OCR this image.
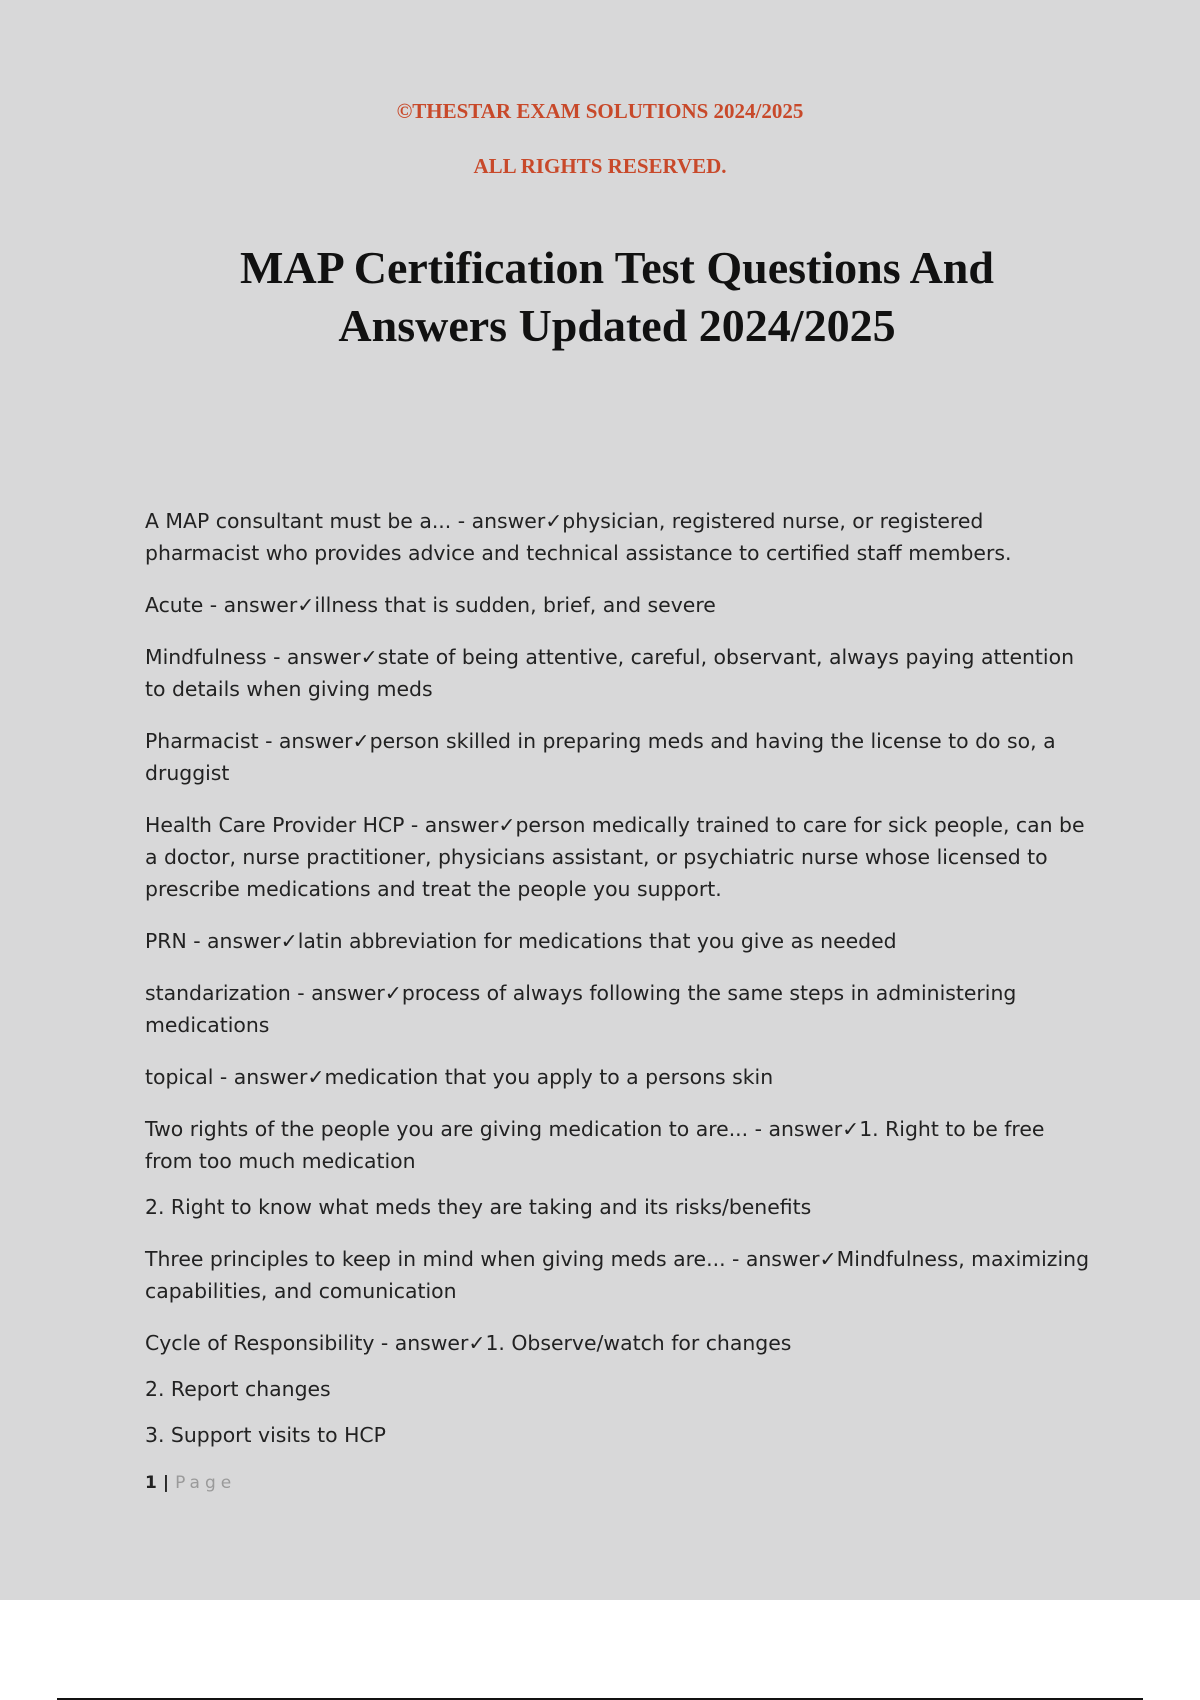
©THESTAR EXAM SOLUTIONS 2024/2025

ALL RIGHTS RESERVED.

MAP Certification Test Questions And
Answers Updated 2024/2025

A MAP consultant must be a... - answer✓physician, registered nurse, or registered pharmacist who provides advice and technical assistance to certified staff members.

Acute - answer✓illness that is sudden, brief, and severe

Mindfulness - answer✓state of being attentive, careful, observant, always paying attention to details when giving meds

Pharmacist - answer✓person skilled in preparing meds and having the license to do so, a druggist

Health Care Provider HCP - answer✓person medically trained to care for sick people, can be a doctor, nurse practitioner, physicians assistant, or psychiatric nurse whose licensed to prescribe medications and treat the people you support.

PRN - answer✓latin abbreviation for medications that you give as needed

standarization - answer✓process of always following the same steps in administering medications

topical - answer✓medication that you apply to a persons skin

Two rights of the people you are giving medication to are... - answer✓1. Right to be free from too much medication

2. Right to know what meds they are taking and its risks/benefits

Three principles to keep in mind when giving meds are... - answer✓Mindfulness, maximizing capabilities, and comunication

Cycle of Responsibility - answer✓1. Observe/watch for changes

2. Report changes

3. Support visits to HCP

1 | Page
